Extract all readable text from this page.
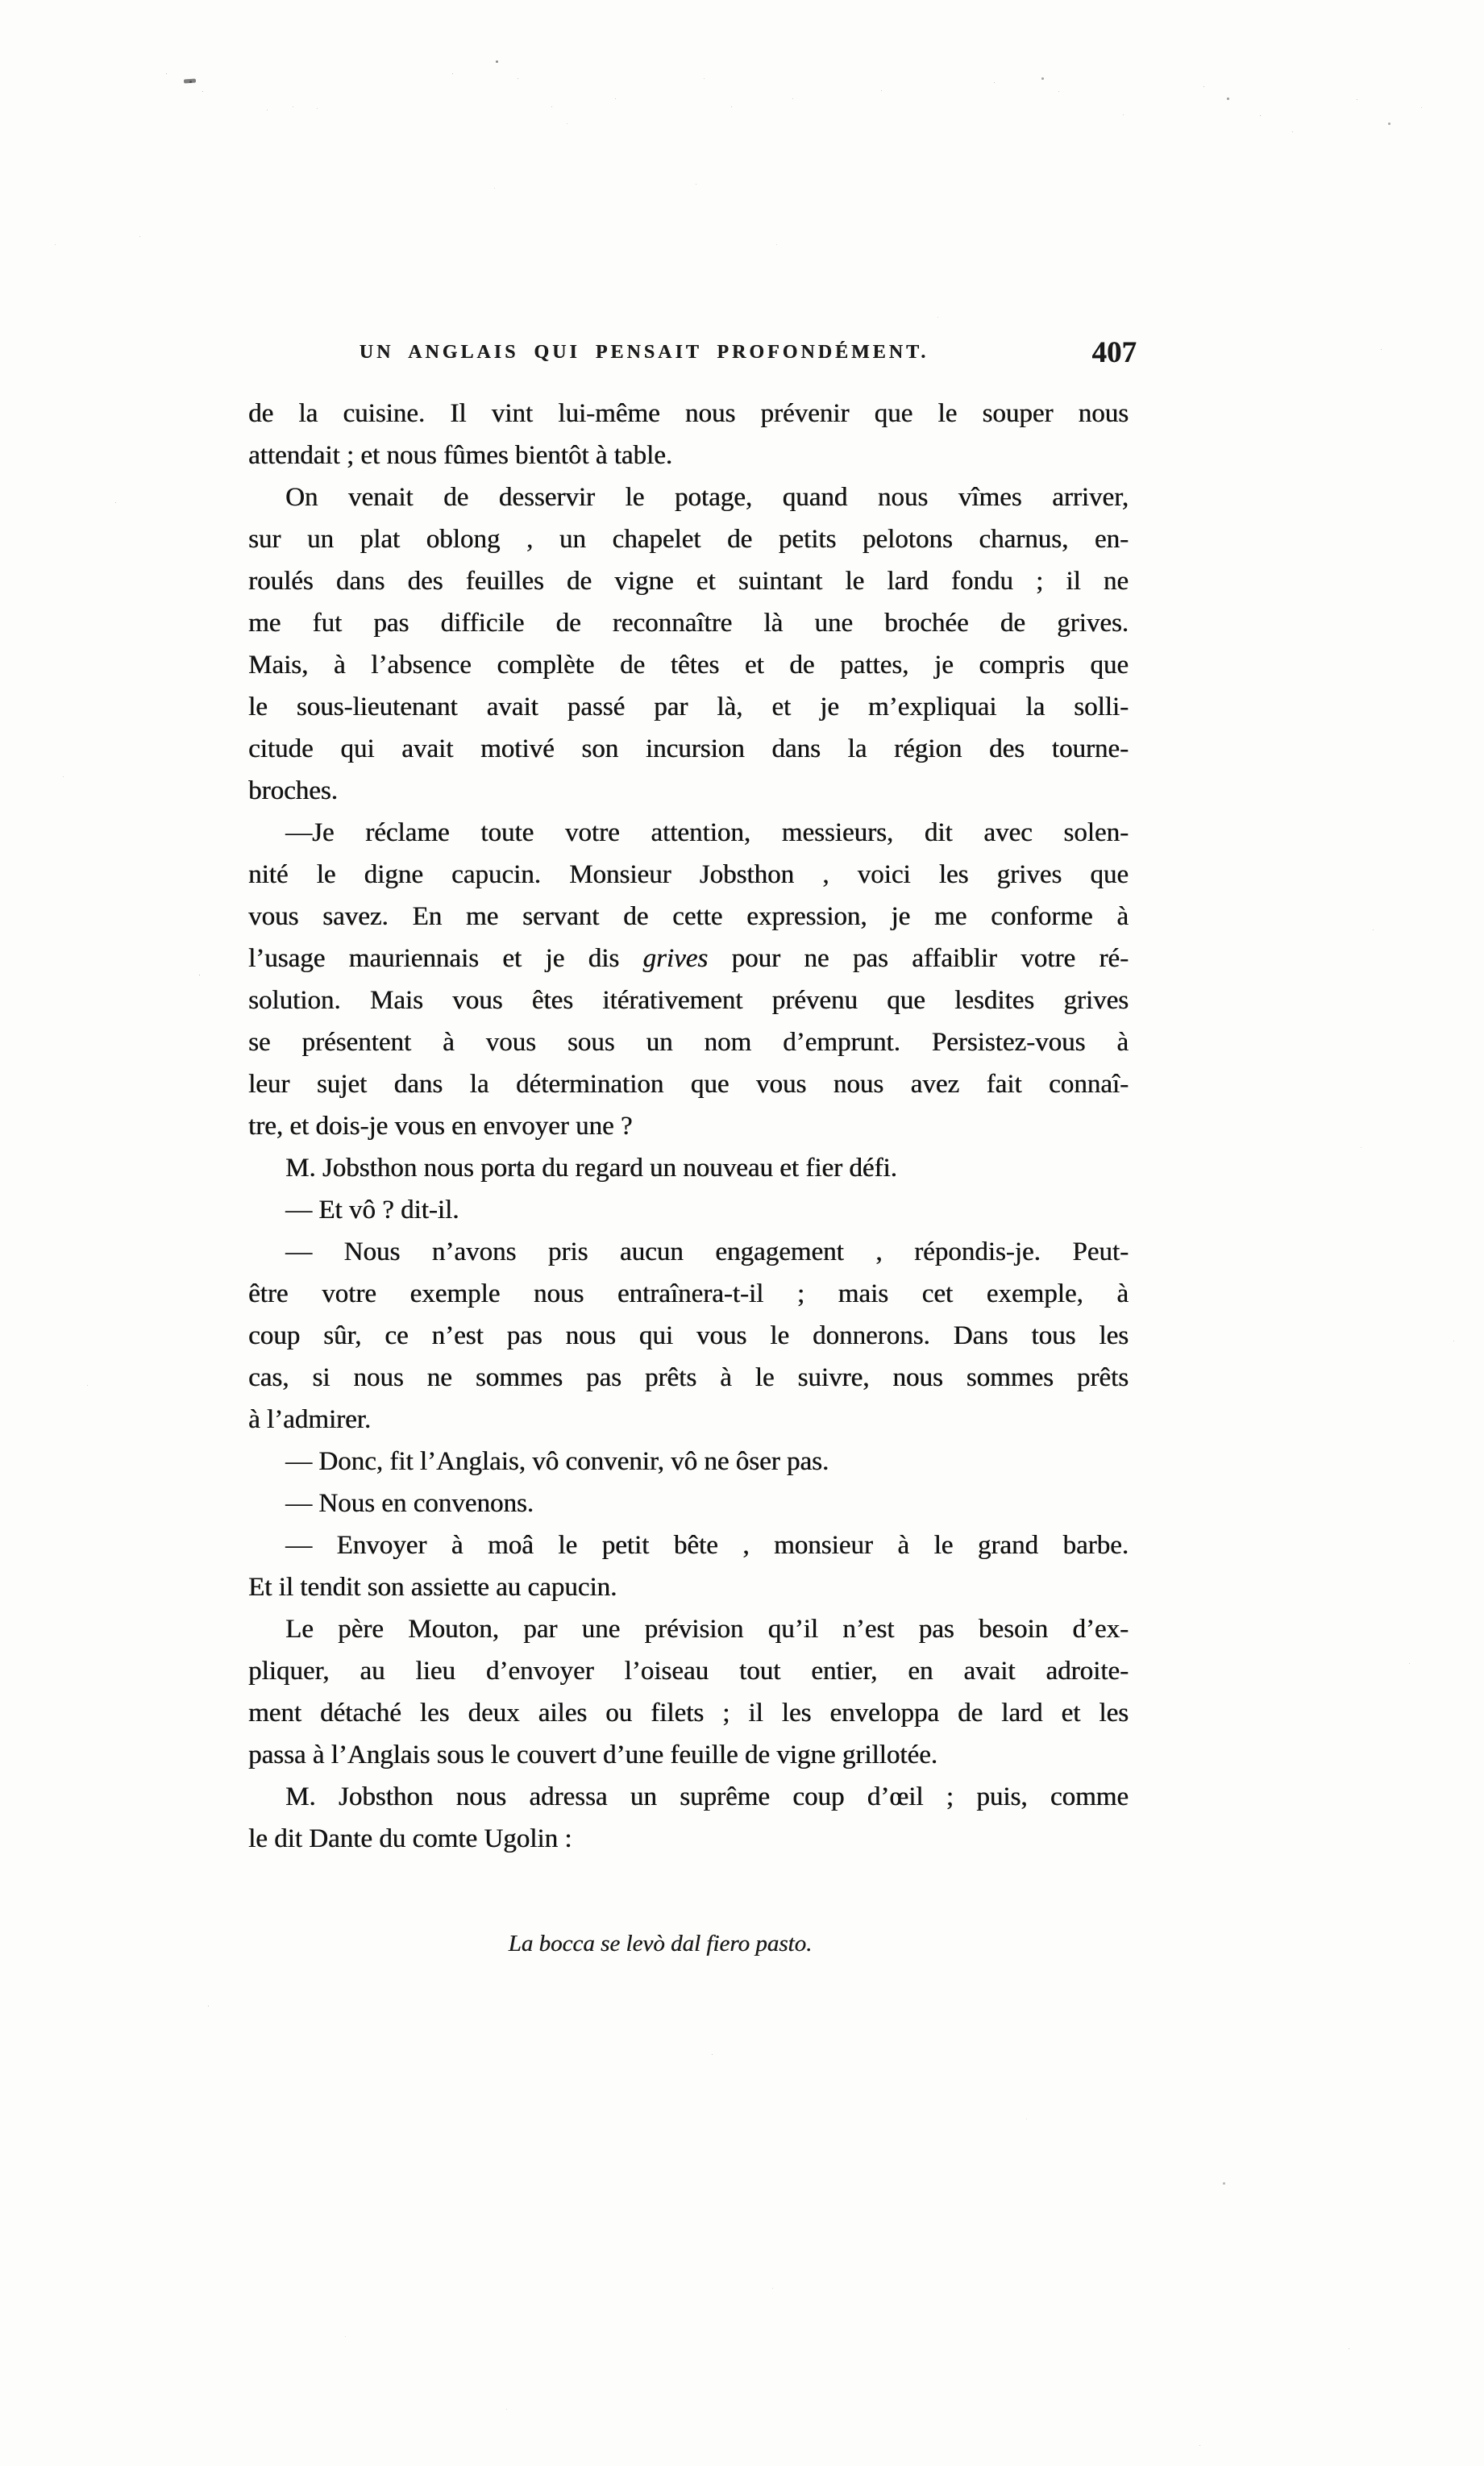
UN ANGLAIS QUI PENSAIT PROFONDÉMENT.	407
de la cuisine. Il vint lui-même nous prévenir que le souper nous
attendait ; et nous fûmes bientôt à table.
On venait de desservir le potage, quand nous vîmes arriver,
sur un plat oblong , un chapelet de petits pelotons charnus, en-
roulés dans des feuilles de vigne et suintant le lard fondu ; il ne
me fut pas difficile de reconnaître là une brochée de grives.
Mais, à l’absence complète de têtes et de pattes, je compris que
le sous-lieutenant avait passé par là, et je m’expliquai la solli-
citude qui avait motivé son incursion dans la région des tourne-
broches.
—Je réclame toute votre attention, messieurs, dit avec solen-
nité le digne capucin. Monsieur Jobsthon , voici les grives que
vous savez. En me servant de cette expression, je me conforme à
l’usage mauriennais et je dis grives pour ne pas affaiblir votre ré-
solution. Mais vous êtes itérativement prévenu que lesdites grives
se présentent à vous sous un nom d’emprunt. Persistez-vous à
leur sujet dans la détermination que vous nous avez fait connaî-
tre, et dois-je vous en envoyer une ?
M. Jobsthon nous porta du regard un nouveau et fier défi.
— Et vô ? dit-il.
— Nous n’avons pris aucun engagement , répondis-je. Peut-
être votre exemple nous entraînera-t-il ; mais cet exemple, à
coup sûr, ce n’est pas nous qui vous le donnerons. Dans tous les
cas, si nous ne sommes pas prêts à le suivre, nous sommes prêts
à l’admirer.
— Donc, fit l’Anglais, vô convenir, vô ne ôser pas.
— Nous en convenons.
— Envoyer à moâ le petit bête , monsieur à le grand barbe.
Et il tendit son assiette au capucin.
Le père Mouton, par une prévision qu’il n’est pas besoin d’ex-
pliquer, au lieu d’envoyer l’oiseau tout entier, en avait adroite-
ment détaché les deux ailes ou filets ; il les enveloppa de lard et les
passa à l’Anglais sous le couvert d’une feuille de vigne grillotée.
M. Jobsthon nous adressa un suprême coup d’œil ; puis, comme
le dit Dante du comte Ugolin :
La bocca se levò dal fiero pasto.
